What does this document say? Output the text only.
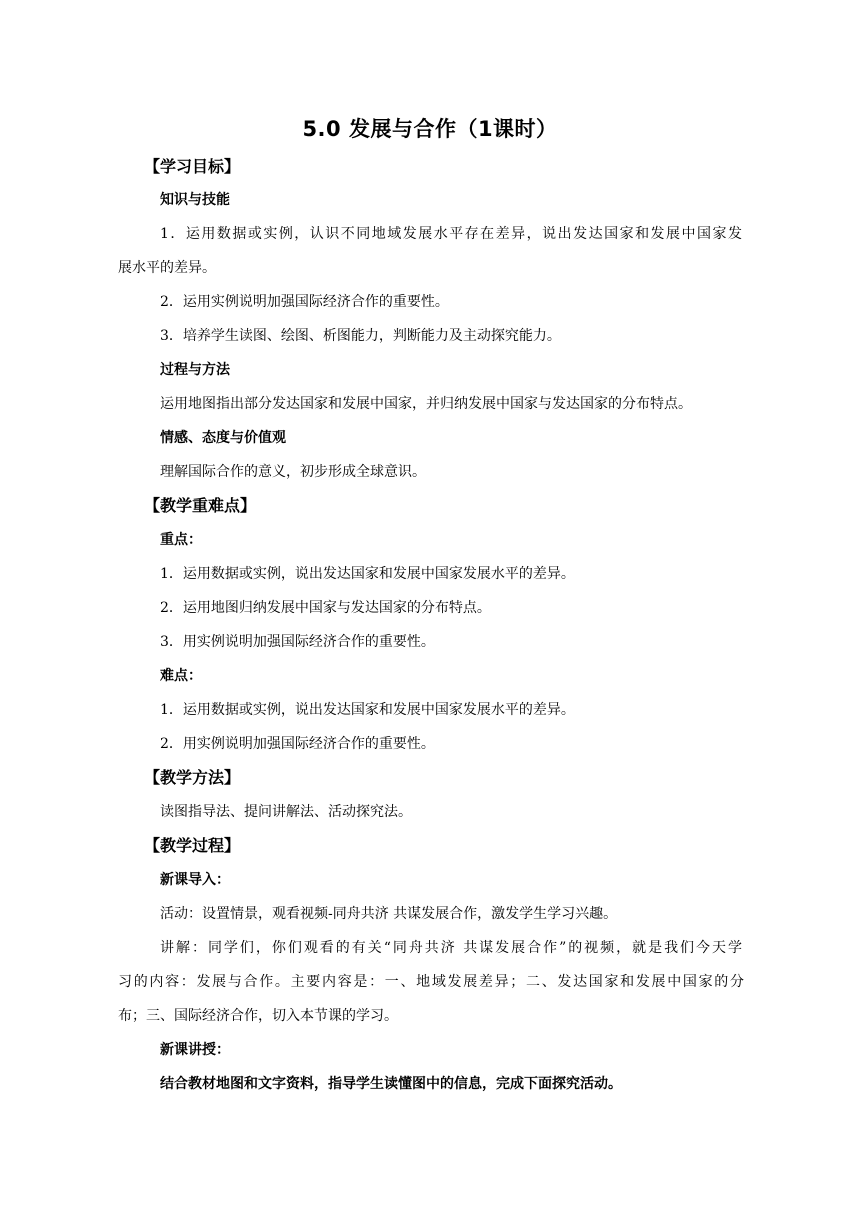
5.0 发展与合作（1课时）
【学习目标】
知识与技能
1．运用数据或实例，认识不同地域发展水平存在差异，说出发达国家和发展中国家发
展水平的差异。
2．运用实例说明加强国际经济合作的重要性。
3．培养学生读图、绘图、析图能力，判断能力及主动探究能力。
过程与方法
运用地图指出部分发达国家和发展中国家，并归纳发展中国家与发达国家的分布特点。
情感、态度与价值观
理解国际合作的意义，初步形成全球意识。
【教学重难点】
重点：
1．运用数据或实例，说出发达国家和发展中国家发展水平的差异。
2．运用地图归纳发展中国家与发达国家的分布特点。
3．用实例说明加强国际经济合作的重要性。
难点：
1．运用数据或实例，说出发达国家和发展中国家发展水平的差异。
2．用实例说明加强国际经济合作的重要性。
【教学方法】
读图指导法、提问讲解法、活动探究法。
【教学过程】
新课导入：
活动：设置情景，观看视频-同舟共济 共谋发展合作，激发学生学习兴趣。
讲解：同学们，你们观看的有关“同舟共济 共谋发展合作”的视频，就是我们今天学
习的内容：发展与合作。主要内容是：一、地域发展差异；二、发达国家和发展中国家的分
布；三、国际经济合作，切入本节课的学习。
新课讲授：
结合教材地图和文字资料，指导学生读懂图中的信息，完成下面探究活动。
